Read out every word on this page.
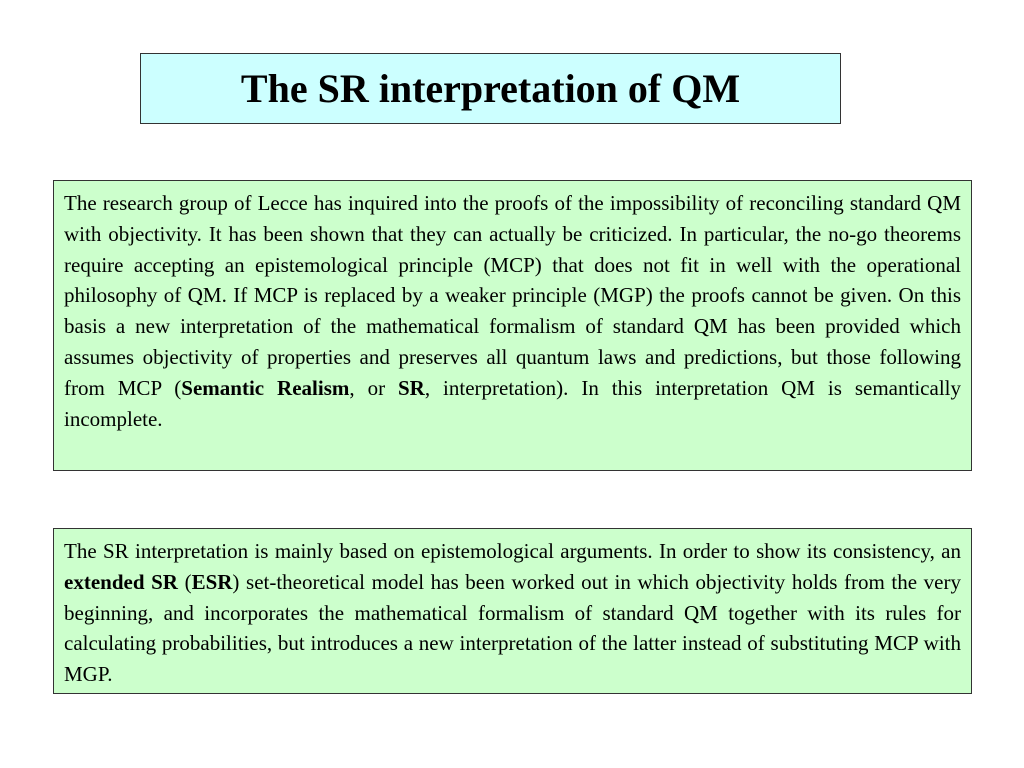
The SR interpretation of QM

The research group of Lecce has inquired into the proofs of the impossibility of reconciling standard QM with objectivity. It has been shown that they can actually be criticized. In particular, the no-go theorems require accepting an epistemological principle (MCP) that does not fit in well with the operational philosophy of QM. If MCP is replaced by a weaker principle (MGP) the proofs cannot be given. On this basis a new interpretation of the mathematical formalism of standard QM has been provided which assumes objectivity of properties and preserves all quantum laws and predictions, but those following from MCP (Semantic Realism, or SR, interpretation). In this interpretation QM is semantically incomplete.

The SR interpretation is mainly based on epistemological arguments. In order to show its consistency, an extended SR (ESR) set-theoretical model has been worked out in which objectivity holds from the very beginning, and incorporates the mathematical formalism of standard QM together with its rules for calculating probabilities, but introduces a new interpretation of the latter instead of substituting MCP with MGP.
